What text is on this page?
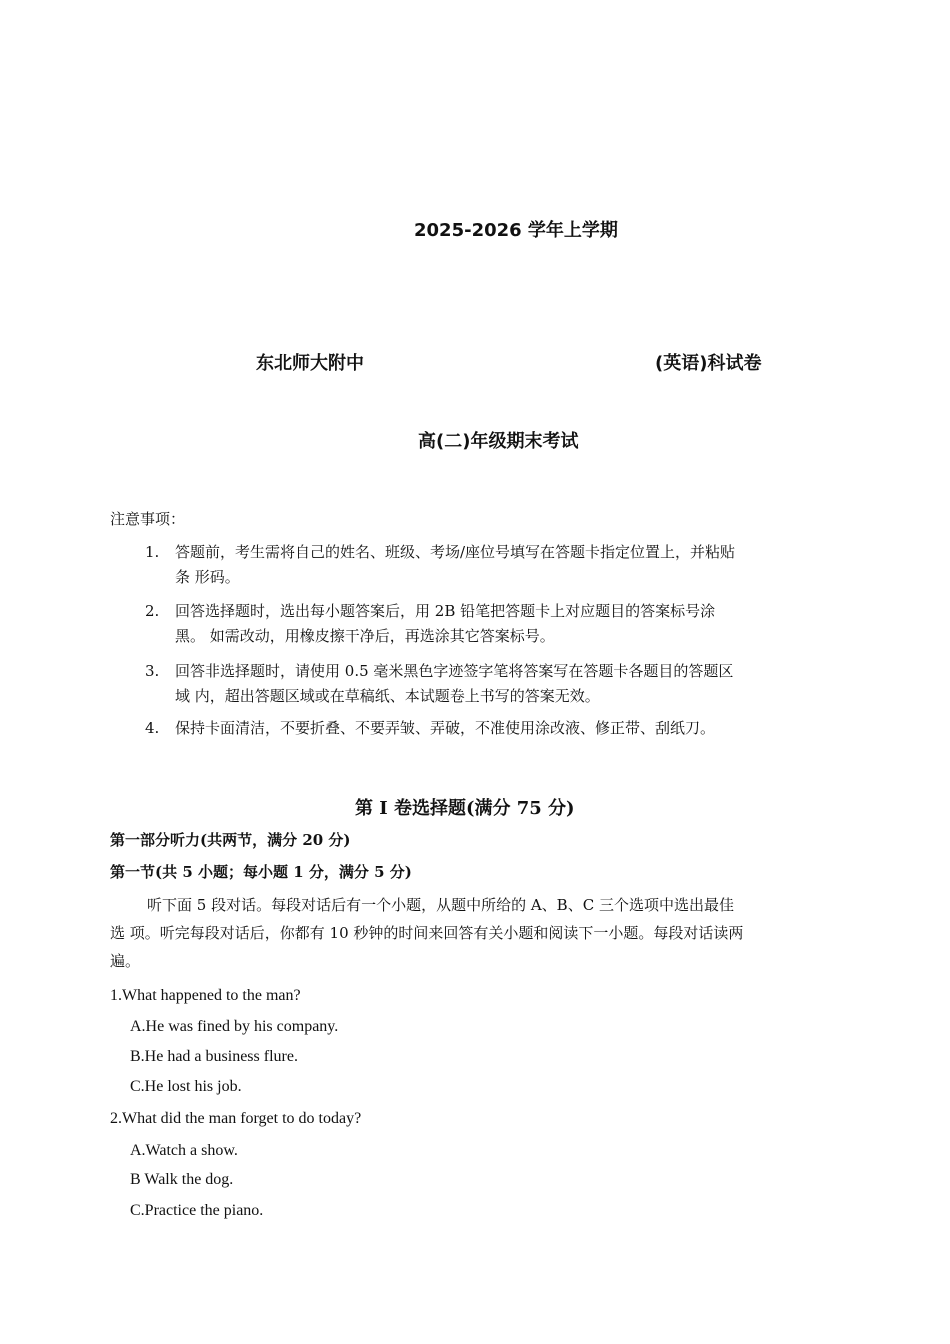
2025-2026 学年上学期
东北师大附中	(英语)科试卷
高(二)年级期末考试
注意事项：
1.	答题前，考生需将自己的姓名、班级、考场/座位号填写在答题卡指定位置上，并粘贴
条 形码。
2.	回答选择题时，选出每小题答案后，用 2B 铅笔把答题卡上对应题目的答案标号涂
黑。 如需改动，用橡皮擦干净后，再选涂其它答案标号。
3.	回答非选择题时，请使用 0.5 毫米黑色字迹签字笔将答案写在答题卡各题目的答题区
域 内，超出答题区域或在草稿纸、本试题卷上书写的答案无效。
4.	保持卡面清洁，不要折叠、不要弄皱、弄破，不准使用涂改液、修正带、刮纸刀。
第 I 卷选择题(满分 75 分)
第一部分听力(共两节，满分 20 分)
第一节(共 5 小题；每小题 1 分，满分 5 分)
听下面 5 段对话。每段对话后有一个小题，从题中所给的 A、B、C 三个选项中选出最佳
选 项。听完每段对话后，你都有 10 秒钟的时间来回答有关小题和阅读下一小题。每段对话读两
遍。
1.What happened to the man?
A.He was fined by his company.
B.He had a business flure.
C.He lost his job.
2.What did the man forget to do today?
A.Watch a show.
B Walk the dog.
C.Practice the piano.
